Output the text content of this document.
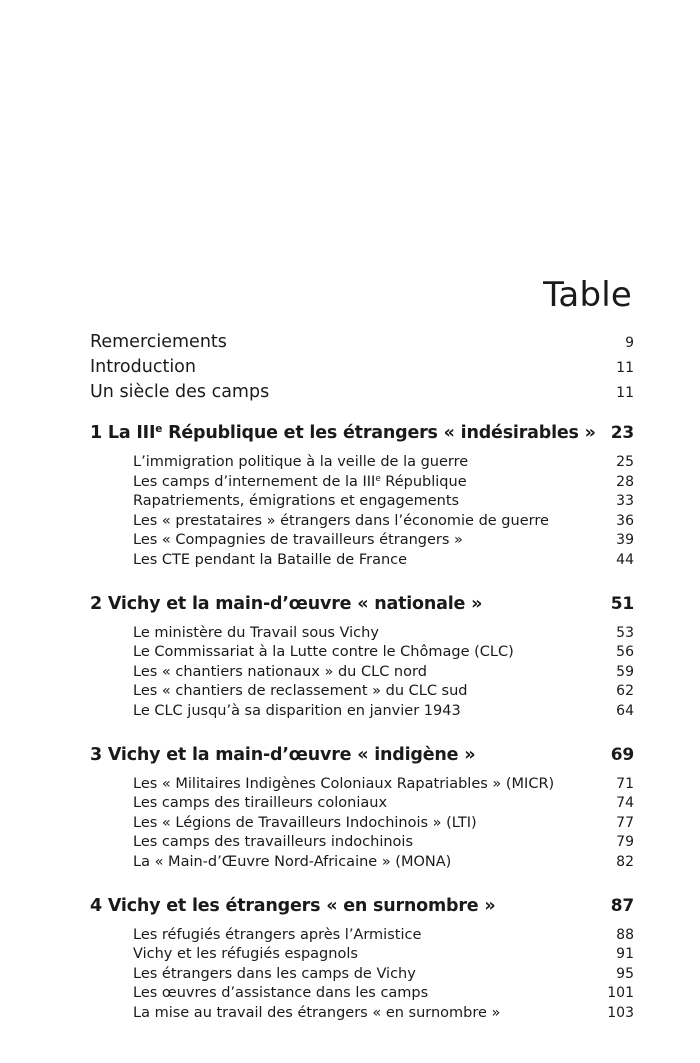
Table
Remerciements	9
Introduction	11
Un siècle des camps	11
1 La IIIe République et les étrangers « indésirables » 23
L’immigration politique à la veille de la guerre	25
Les camps d’internement de la IIIe République	28
Rapatriements, émigrations et engagements	33
Les « prestataires » étrangers dans l’économie de guerre	36
Les « Compagnies de travailleurs étrangers »	39
Les CTE pendant la Bataille de France	44
2 Vichy et la main-d’œuvre « nationale »	51
Le ministère du Travail sous Vichy	53
Le Commissariat à la Lutte contre le Chômage (CLC)	56
Les « chantiers nationaux » du CLC nord	59
Les « chantiers de reclassement » du CLC sud	62
Le CLC jusqu’à sa disparition en janvier 1943	64
3 Vichy et la main-d’œuvre « indigène »	69
Les « Militaires Indigènes Coloniaux Rapatriables » (MICR)	71
Les camps des tirailleurs coloniaux	74
Les « Légions de Travailleurs Indochinois » (LTI)	77
Les camps des travailleurs indochinois	79
La « Main-d’Œuvre Nord-Africaine » (MONA)	82
4 Vichy et les étrangers « en surnombre »	87
Les réfugiés étrangers après l’Armistice	88
Vichy et les réfugiés espagnols	91
Les étrangers dans les camps de Vichy	95
Les œuvres d’assistance dans les camps	101
La mise au travail des étrangers « en surnombre »	103
